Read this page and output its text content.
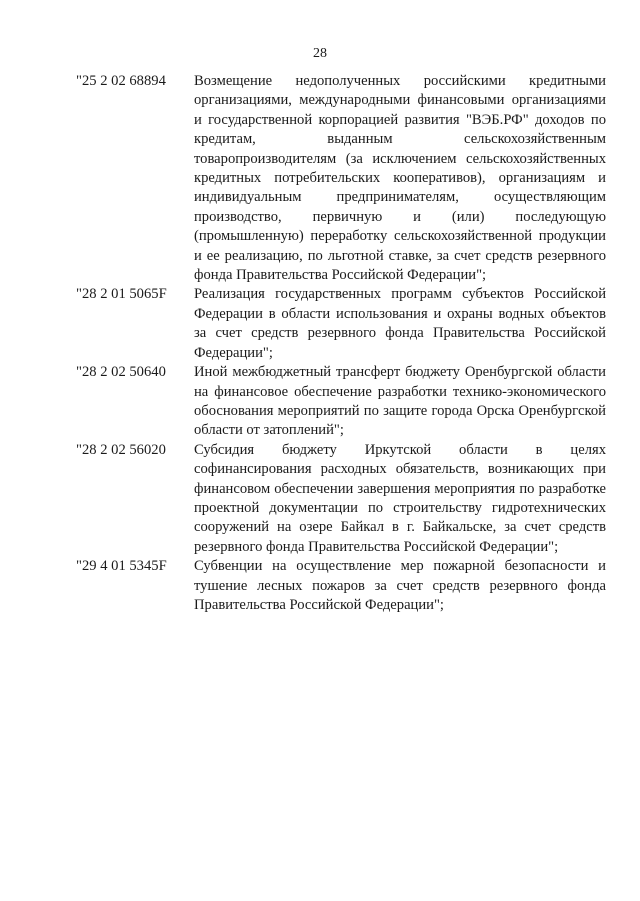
28
"25 2 02 68894	Возмещение недополученных российскими кредитными организациями, международными финансовыми организациями и государственной корпорацией развития "ВЭБ.РФ" доходов по кредитам, выданным сельскохозяйственным товаропроизводителям (за исключением сельскохозяйственных кредитных потребительских кооперативов), организациям и индивидуальным предпринимателям, осуществляющим производство, первичную и (или) последующую (промышленную) переработку сельскохозяйственной продукции и ее реализацию, по льготной ставке, за счет средств резервного фонда Правительства Российской Федерации";

"28 2 01 5065F	Реализация государственных программ субъектов Российской Федерации в области использования и охраны водных объектов за счет средств резервного фонда Правительства Российской Федерации";

"28 2 02 50640	Иной межбюджетный трансферт бюджету Оренбургской области на финансовое обеспечение разработки технико-экономического обоснования мероприятий по защите города Орска Оренбургской области от затоплений";

"28 2 02 56020	Субсидия бюджету Иркутской области в целях софинансирования расходных обязательств, возникающих при финансовом обеспечении завершения мероприятия по разработке проектной документации по строительству гидротехнических сооружений на озере Байкал в г. Байкальске, за счет средств резервного фонда Правительства Российской Федерации";

"29 4 01 5345F	Субвенции на осуществление мер пожарной безопасности и тушение лесных пожаров за счет средств резервного фонда Правительства Российской Федерации";
